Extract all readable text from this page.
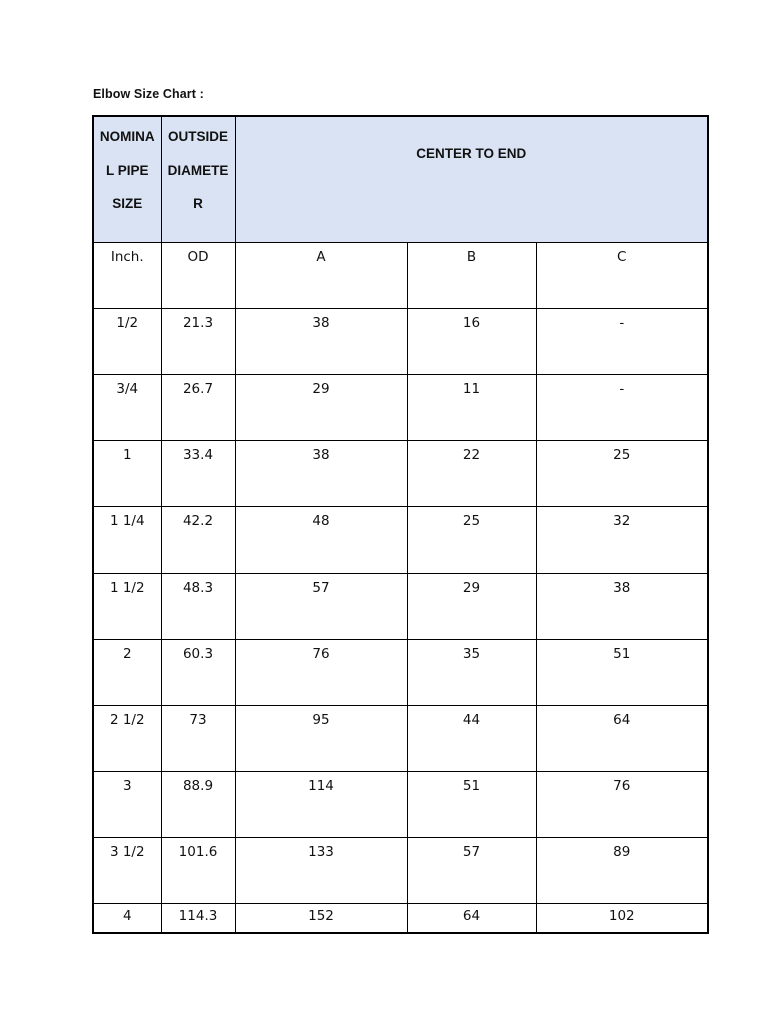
Elbow Size Chart :
NOMINA
L PIPE
SIZE	OUTSIDE
DIAMETE
R	CENTER TO END		
Inch.	OD	A	B	C
1/2	21.3	38	16	-
3/4	26.7	29	11	-
1	33.4	38	22	25
1 1/4	42.2	48	25	32
1 1/2	48.3	57	29	38
2	60.3	76	35	51
2 1/2	73	95	44	64
3	88.9	114	51	76
3 1/2	101.6	133	57	89
4	114.3	152	64	102
